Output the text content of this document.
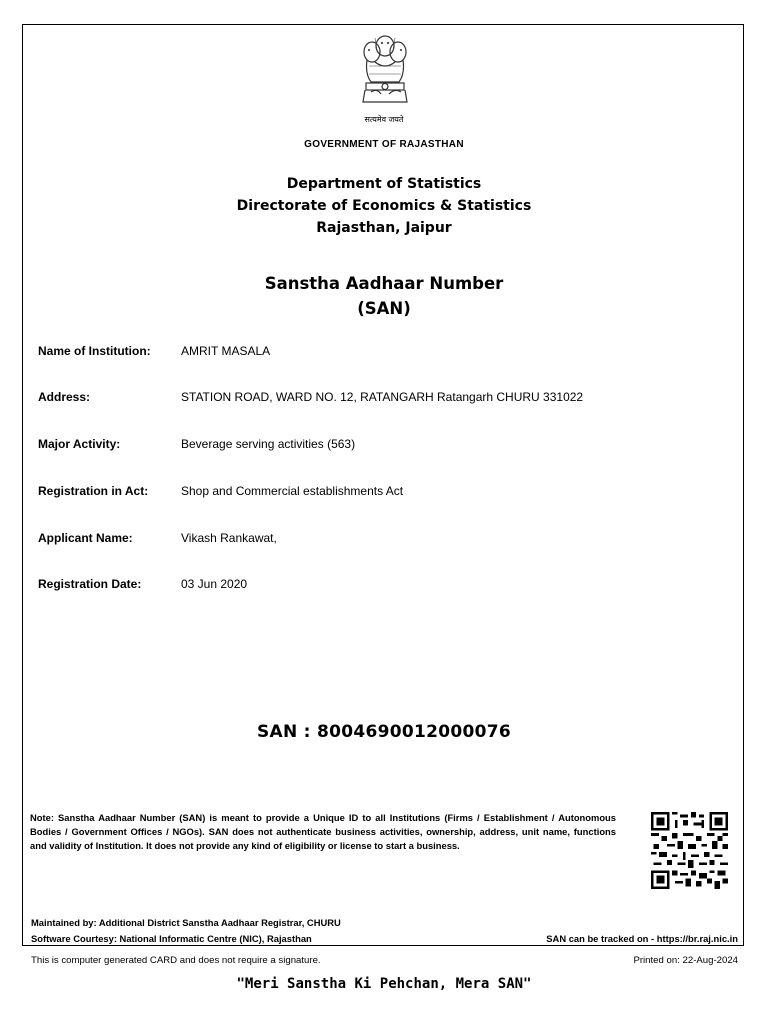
सत्यमेव जयते
GOVERNMENT OF RAJASTHAN
Department of Statistics
Directorate of Economics & Statistics
Rajasthan, Jaipur
Sanstha Aadhaar Number
(SAN)
Name of Institution:	AMRIT MASALA
Address:	STATION ROAD, WARD NO. 12, RATANGARH Ratangarh CHURU 331022
Major Activity:	Beverage serving activities (563)
Registration in Act:	Shop and Commercial establishments Act
Applicant Name:	Vikash Rankawat,
Registration Date:	03 Jun 2020
SAN : 8004690012000076
Note: Sanstha Aadhaar Number (SAN) is meant to provide a Unique ID to all Institutions (Firms / Establishment / Autonomous Bodies / Government Offices / NGOs). SAN does not authenticate business activities, ownership, address, unit name, functions and validity of Institution. It does not provide any kind of eligibility or license to start a business.
Maintained by: Additional District Sanstha Aadhaar Registrar, CHURU
Software Courtesy: National Informatic Centre (NIC), Rajasthan	SAN can be tracked on - https://br.raj.nic.in
This is computer generated CARD and does not require a signature.	Printed on: 22-Aug-2024
"Meri Sanstha Ki Pehchan, Mera SAN"
